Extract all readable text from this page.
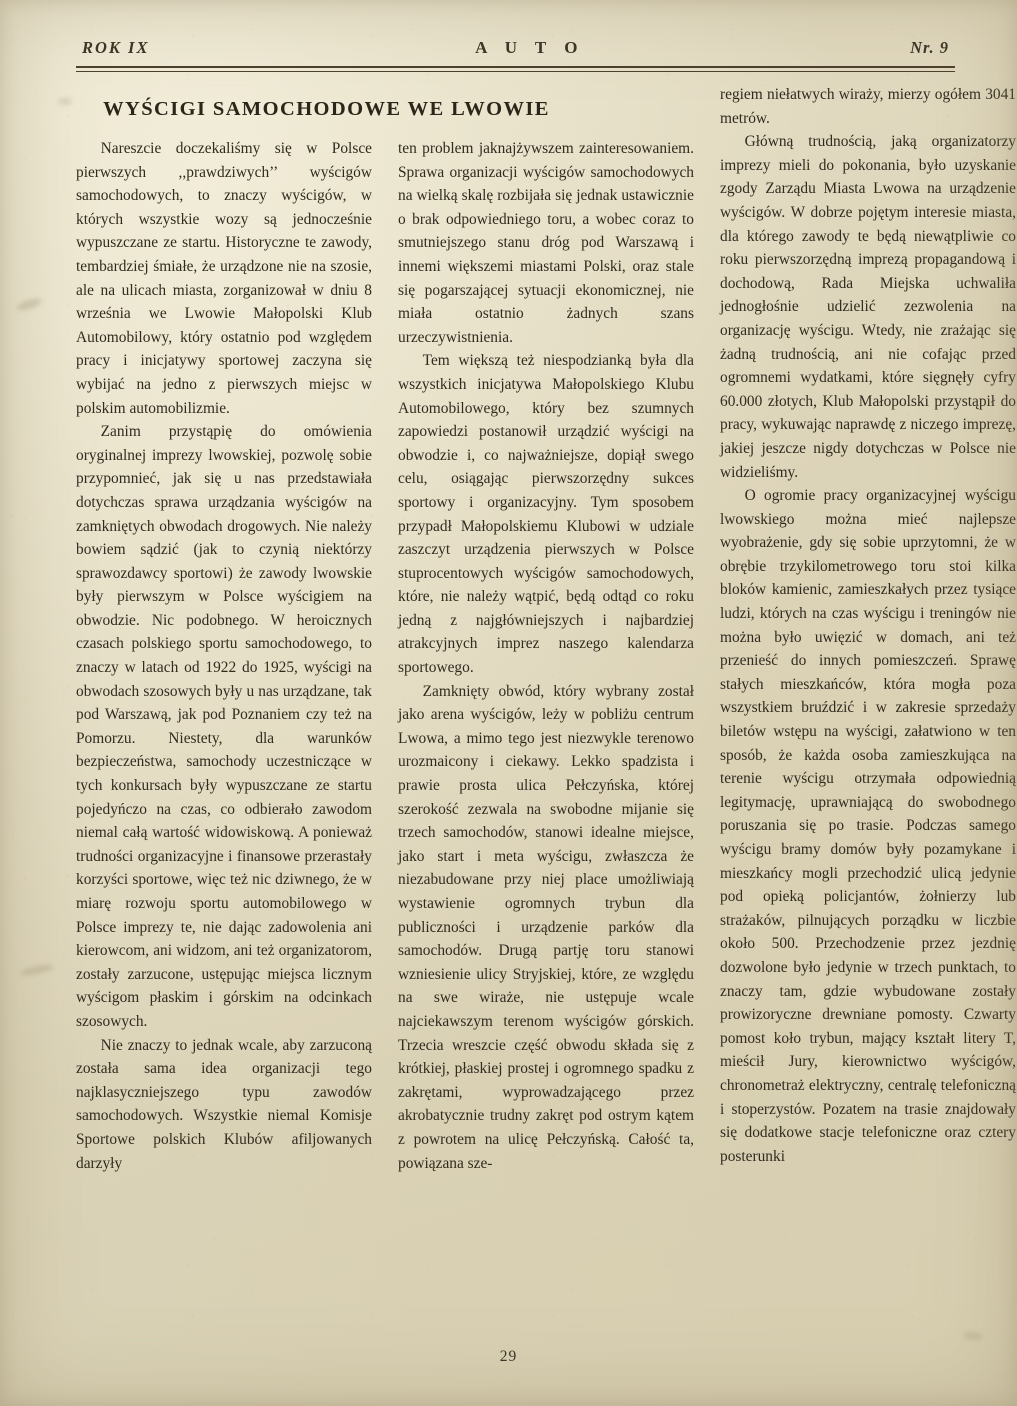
ROK IX	A U T O	Nr. 9
WYŚCIGI SAMOCHODOWE WE LWOWIE

Nareszcie doczekaliśmy się w Polsce pierwszych ,,prawdziwych’’ wyścigów samochodowych, to znaczy wyścigów, w których wszystkie wozy są jednocześnie wypuszczane ze startu. Historyczne te zawody, tembardziej śmiałe, że urządzone nie na szosie, ale na ulicach miasta, zorganizował w dniu 8 września we Lwowie Małopolski Klub Automobilowy, który ostatnio pod względem pracy i inicjatywy sportowej zaczyna się wybijać na jedno z pierwszych miejsc w polskim automobilizmie.

Zanim przystąpię do omówienia oryginalnej imprezy lwowskiej, pozwolę sobie przypomnieć, jak się u nas przedstawiała dotychczas sprawa urządzania wyścigów na zamkniętych obwodach drogowych. Nie należy bowiem sądzić (jak to czynią niektórzy sprawozdawcy sportowi) że zawody lwowskie były pierwszym w Polsce wyścigiem na obwodzie. Nic podobnego. W heroicznych czasach polskiego sportu samochodowego, to znaczy w latach od 1922 do 1925, wyścigi na obwodach szosowych były u nas urządzane, tak pod Warszawą, jak pod Poznaniem czy też na Pomorzu. Niestety, dla warunków bezpieczeństwa, samochody uczestniczące w tych konkursach były wypuszczane ze startu pojedyńczo na czas, co odbierało zawodom niemal całą wartość widowiskową. A ponieważ trudności organizacyjne i finansowe przerastały korzyści sportowe, więc też nic dziwnego, że w miarę rozwoju sportu automobilowego w Polsce imprezy te, nie dając zadowolenia ani kierowcom, ani widzom, ani też organizatorom, zostały zarzucone, ustępując miejsca licznym wyścigom płaskim i górskim na odcinkach szosowych.

Nie znaczy to jednak wcale, aby zarzuconą została sama idea organizacji tego najklasyczniejszego typu zawodów samochodowych. Wszystkie niemal Komisje Sportowe polskich Klubów afiljowanych darzyły

ten problem jaknajżywszem zainteresowaniem. Sprawa organizacji wyścigów samochodowych na wielką skalę rozbijała się jednak ustawicznie o brak odpowiedniego toru, a wobec coraz to smutniejszego stanu dróg pod Warszawą i innemi większemi miastami Polski, oraz stale się pogarszającej sytuacji ekonomicznej, nie miała ostatnio żadnych szans urzeczywistnienia.

Tem większą też niespodzianką była dla wszystkich inicjatywa Małopolskiego Klubu Automobilowego, który bez szumnych zapowiedzi postanowił urządzić wyścigi na obwodzie i, co najważniejsze, dopiął swego celu, osiągając pierwszorzędny sukces sportowy i organizacyjny. Tym sposobem przypadł Małopolskiemu Klubowi w udziale zaszczyt urządzenia pierwszych w Polsce stuprocentowych wyścigów samochodowych, które, nie należy wątpić, będą odtąd co roku jedną z najgłówniejszych i najbardziej atrakcyjnych imprez naszego kalendarza sportowego.

Zamknięty obwód, który wybrany został jako arena wyścigów, leży w pobliżu centrum Lwowa, a mimo tego jest niezwykle terenowo urozmaicony i ciekawy. Lekko spadzista i prawie prosta ulica Pełczyńska, której szerokość zezwala na swobodne mijanie się trzech samochodów, stanowi idealne miejsce, jako start i meta wyścigu, zwłaszcza że niezabudowane przy niej place umożliwiają wystawienie ogromnych trybun dla publiczności i urządzenie parków dla samochodów. Drugą partję toru stanowi wzniesienie ulicy Stryjskiej, które, ze względu na swe wiraże, nie ustępuje wcale najciekawszym terenom wyścigów górskich. Trzecia wreszcie część obwodu składa się z krótkiej, płaskiej prostej i ogromnego spadku z zakrętami, wyprowadzającego przez akrobatycznie trudny zakręt pod ostrym kątem z powrotem na ulicę Pełczyńską. Całość ta, powiązana sze-

regiem niełatwych wiraży, mierzy ogółem 3041 metrów.

Główną trudnością, jaką organizatorzy imprezy mieli do pokonania, było uzyskanie zgody Zarządu Miasta Lwowa na urządzenie wyścigów. W dobrze pojętym interesie miasta, dla którego zawody te będą niewątpliwie co roku pierwszorzędną imprezą propagandową i dochodową, Rada Miejska uchwaliła jednogłośnie udzielić zezwolenia na organizację wyścigu. Wtedy, nie zrażając się żadną trudnością, ani nie cofając przed ogromnemi wydatkami, które sięgnęły cyfry 60.000 złotych, Klub Małopolski przystąpił do pracy, wykuwając naprawdę z niczego imprezę, jakiej jeszcze nigdy dotychczas w Polsce nie widzieliśmy.

O ogromie pracy organizacyjnej wyścigu lwowskiego można mieć najlepsze wyobrażenie, gdy się sobie uprzytomni, że w obrębie trzykilometrowego toru stoi kilka bloków kamienic, zamieszkałych przez tysiące ludzi, których na czas wyścigu i treningów nie można było uwięzić w domach, ani też przenieść do innych pomieszczeń. Sprawę stałych mieszkańców, która mogła poza wszystkiem bruździć i w zakresie sprzedaży biletów wstępu na wyścigi, załatwiono w ten sposób, że każda osoba zamieszkująca na terenie wyścigu otrzymała odpowiednią legitymację, uprawniającą do swobodnego poruszania się po trasie. Podczas samego wyścigu bramy domów były pozamykane i mieszkańcy mogli przechodzić ulicą jedynie pod opieką policjantów, żołnierzy lub strażaków, pilnujących porządku w liczbie około 500. Przechodzenie przez jezdnię dozwolone było jedynie w trzech punktach, to znaczy tam, gdzie wybudowane zostały prowizoryczne drewniane pomosty. Czwarty pomost koło trybun, mający kształt litery T, mieścił Jury, kierownictwo wyścigów, chronometraż elektryczny, centralę telefoniczną i stoperzystów. Pozatem na trasie znajdowały się dodatkowe stacje telefoniczne oraz cztery posterunki

29
